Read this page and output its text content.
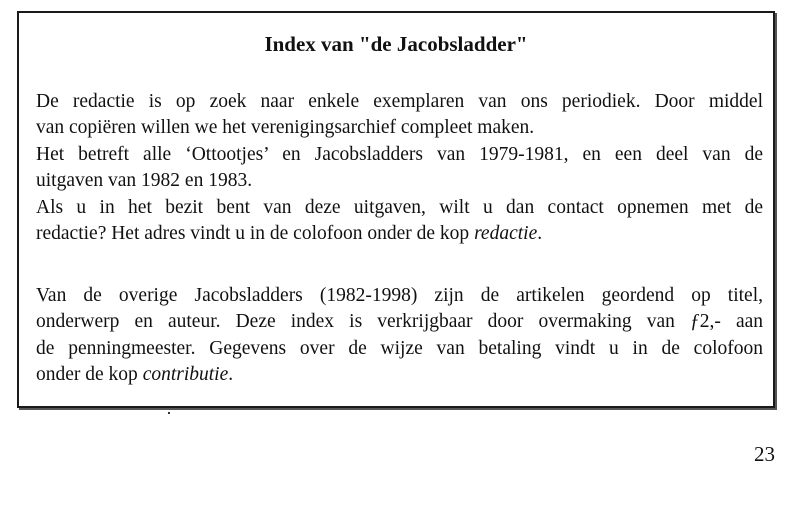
Index van "de Jacobsladder"
De redactie is op zoek naar enkele exemplaren van ons periodiek. Door middel
van copiëren willen we het verenigingsarchief compleet maken.
Het betreft alle ‘Ottootjes’ en Jacobsladders van 1979-1981, en een deel van de
uitgaven van 1982 en 1983.
Als u in het bezit bent van deze uitgaven, wilt u dan contact opnemen met de
redactie? Het adres vindt u in de colofoon onder de kop redactie.
Van de overige Jacobsladders (1982-1998) zijn de artikelen geordend op titel,
onderwerp en auteur. Deze index is verkrijgbaar door overmaking van ƒ2,- aan
de penningmeester. Gegevens over de wijze van betaling vindt u in de colofoon
onder de kop contributie.
23
